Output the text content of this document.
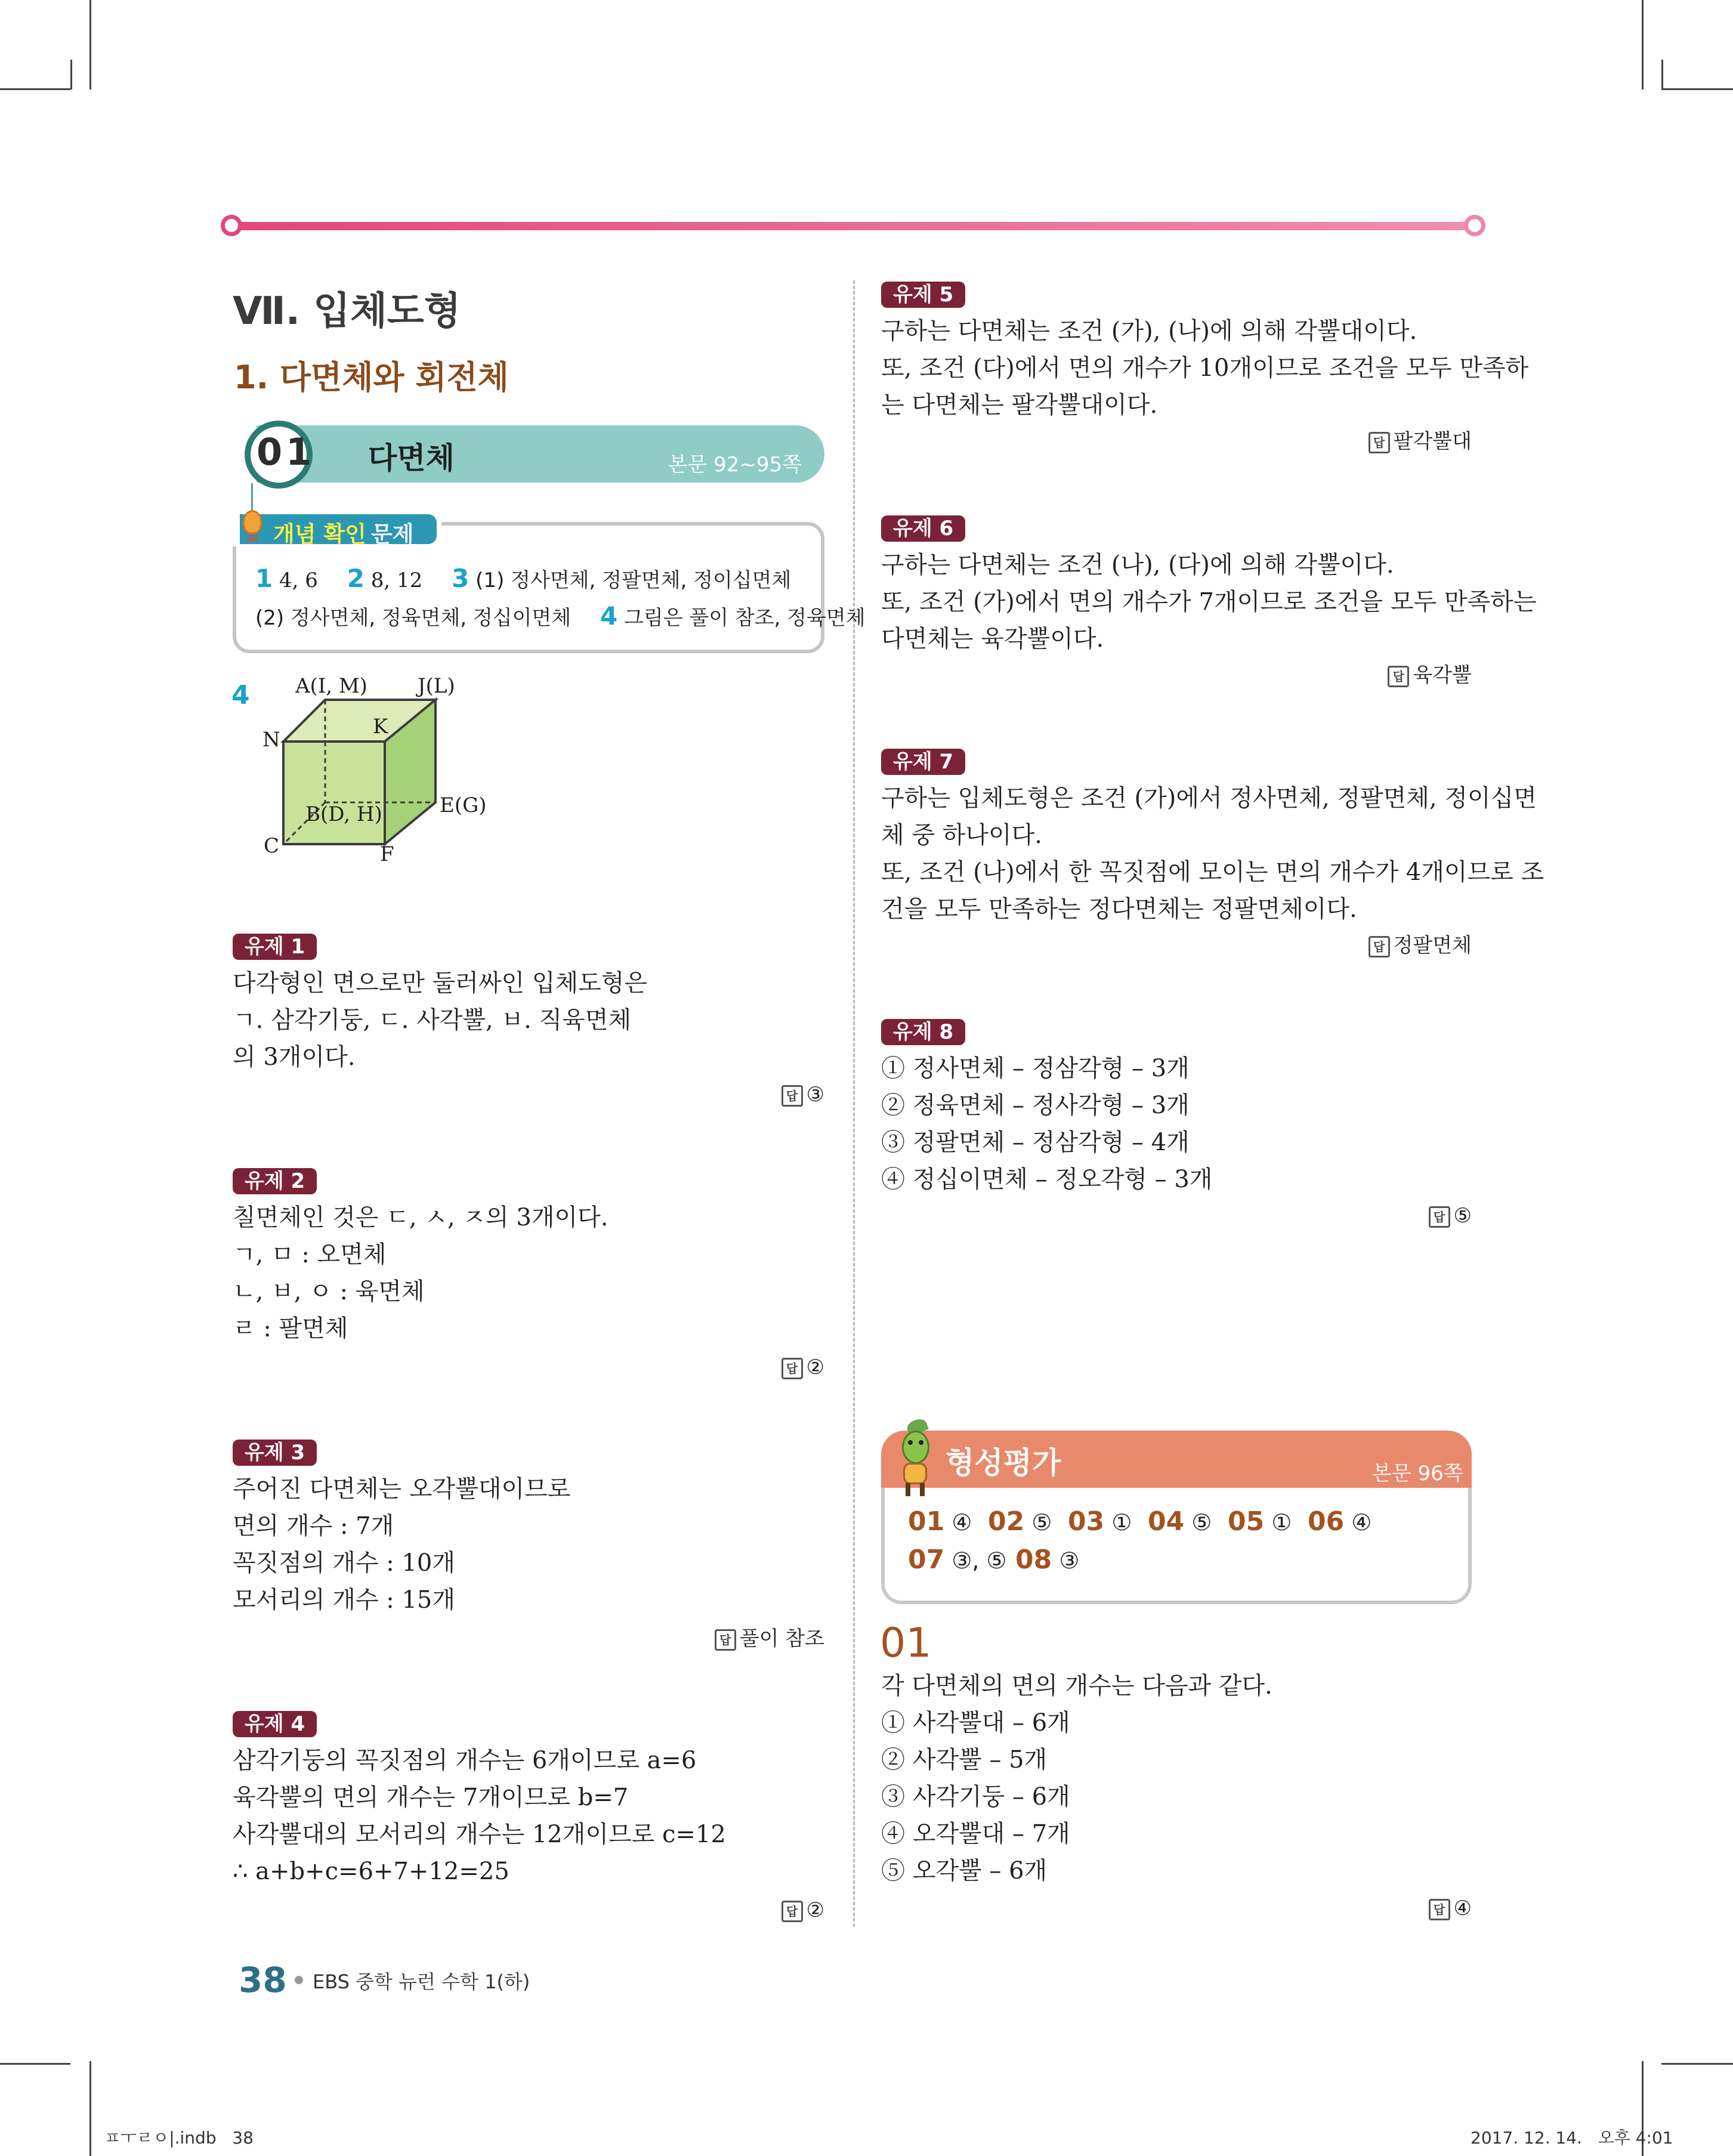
Ⅶ. 입체도형
1. 다면체와 회전체
01 다면체	본문 92~95쪽
개념 확인 문제
1 4, 6 2 8, 12 3 (1) 정사면체, 정팔면체, 정이십면체
(2) 정사면체, 정육면체, 정십이면체 4 그림은 풀이 참조, 정육면체
4 A(I, M) J(L)
K
N
B(D, H)	E(G)
C	F
유제 1
다각형인 면으로만 둘러싸인 입체도형은
ㄱ. 삼각기둥, ㄷ. 사각뿔, ㅂ. 직육면체
의 3개이다.
답 ③
유제 2
칠면체인 것은 ㄷ, ㅅ, ㅈ의 3개이다.
ㄱ, ㅁ : 오면체
ㄴ, ㅂ, ㅇ : 육면체
ㄹ : 팔면체
답 ②
유제 3
주어진 다면체는 오각뿔대이므로
면의 개수 : 7개
꼭짓점의 개수 : 10개
모서리의 개수 : 15개
답 풀이 참조
유제 4
삼각기둥의 꼭짓점의 개수는 6개이므로 a=6
육각뿔의 면의 개수는 7개이므로 b=7
사각뿔대의 모서리의 개수는 12개이므로 c=12
∴ a+b+c=6+7+12=25
답 ②
유제 5
구하는 다면체는 조건 (가), (나)에 의해 각뿔대이다.
또, 조건 (다)에서 면의 개수가 10개이므로 조건을 모두 만족하
는 다면체는 팔각뿔대이다.
답 팔각뿔대
유제 6
구하는 다면체는 조건 (나), (다)에 의해 각뿔이다.
또, 조건 (가)에서 면의 개수가 7개이므로 조건을 모두 만족하는
다면체는 육각뿔이다.
답 육각뿔
유제 7
구하는 입체도형은 조건 (가)에서 정사면체, 정팔면체, 정이십면
체 중 하나이다.
또, 조건 (나)에서 한 꼭짓점에 모이는 면의 개수가 4개이므로 조
건을 모두 만족하는 정다면체는 정팔면체이다.
답 정팔면체
유제 8
① 정사면체 – 정삼각형 – 3개
② 정육면체 – 정사각형 – 3개
③ 정팔면체 – 정삼각형 – 4개
④ 정십이면체 – 정오각형 – 3개
답 ⑤
형성평가	본문 96쪽
01 ④ 02 ⑤ 03 ① 04 ⑤ 05 ① 06 ④
07 ③, ⑤ 08 ③
01
각 다면체의 면의 개수는 다음과 같다.
① 사각뿔대 – 6개
② 사각뿔 – 5개
③ 사각기둥 – 6개
④ 오각뿔대 – 7개
⑤ 오각뿔 – 6개
답 ④
38 EBS 중학 뉴런 수학 1(하)
ㅍㅜㄹㅇ|.indb   38	2017. 12. 14.   오후 4:01
